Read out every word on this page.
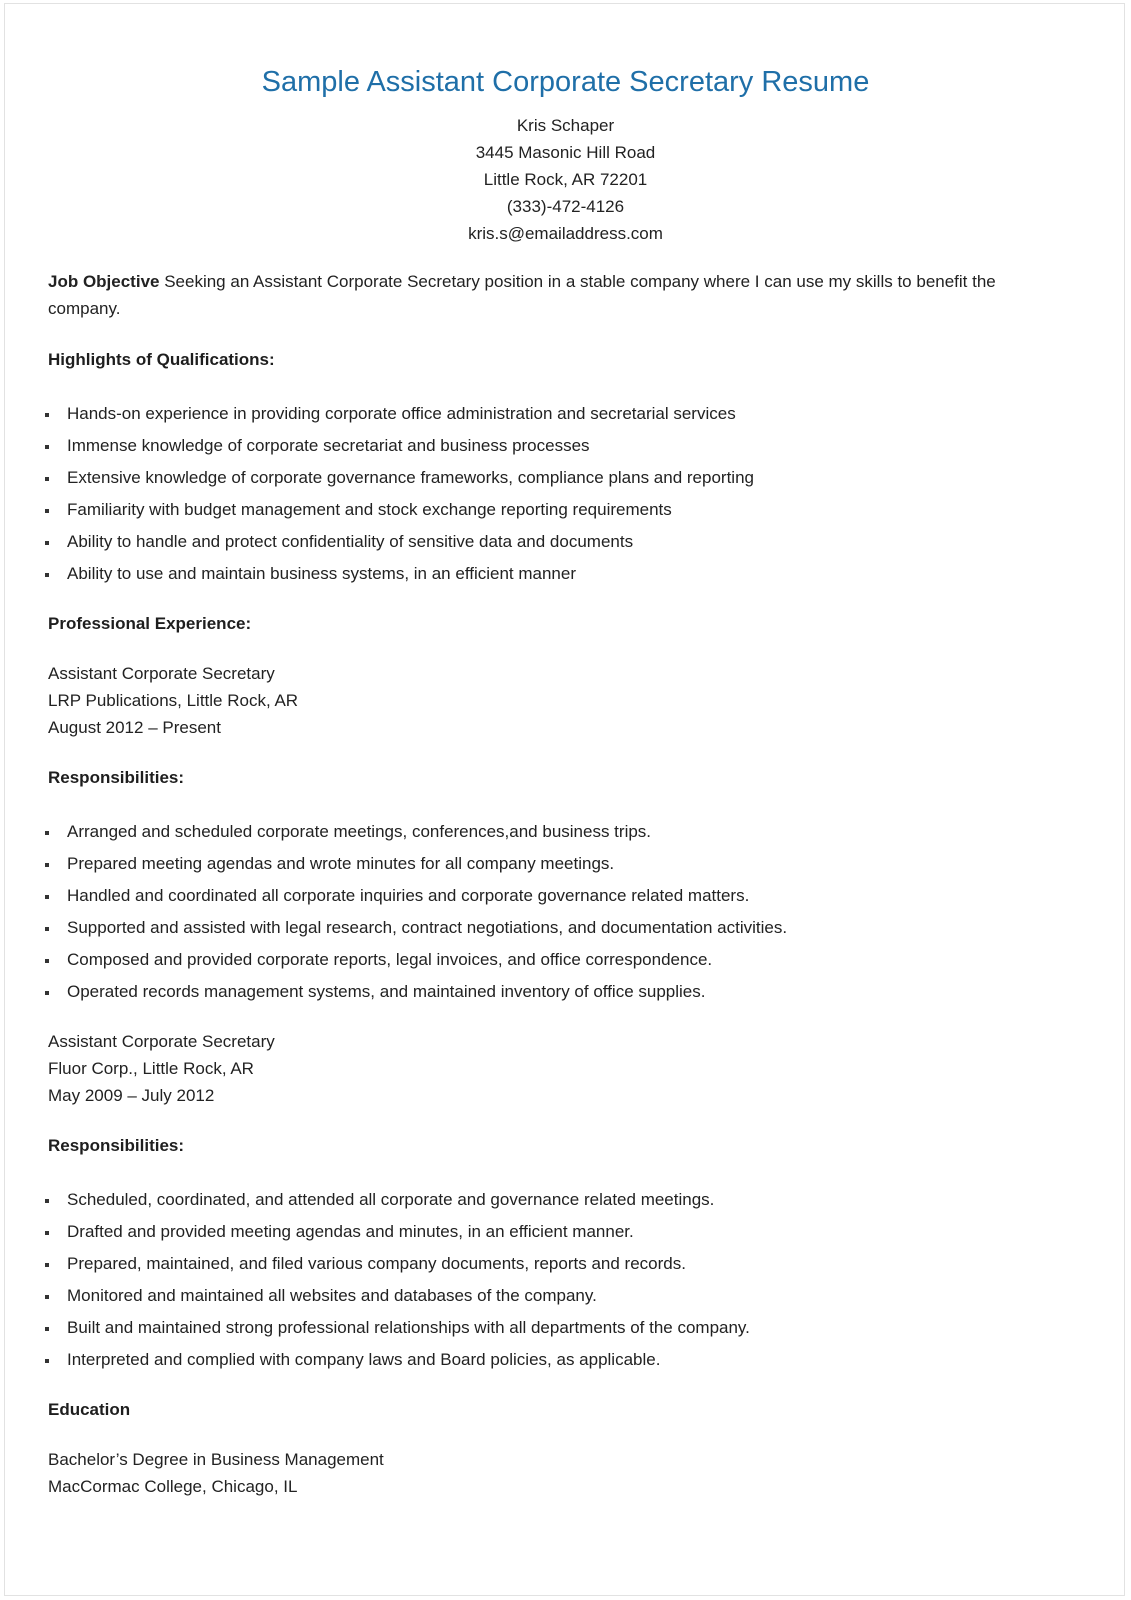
Sample Assistant Corporate Secretary Resume
Kris Schaper
3445 Masonic Hill Road
Little Rock, AR 72201
(333)-472-4126
kris.s@emailaddress.com
Job Objective Seeking an Assistant Corporate Secretary position in a stable company where I can use my skills to benefit the company.
Highlights of Qualifications:
Hands-on experience in providing corporate office administration and secretarial services
Immense knowledge of corporate secretariat and business processes
Extensive knowledge of corporate governance frameworks, compliance plans and reporting
Familiarity with budget management and stock exchange reporting requirements
Ability to handle and protect confidentiality of sensitive data and documents
Ability to use and maintain business systems, in an efficient manner
Professional Experience:
Assistant Corporate Secretary
LRP Publications, Little Rock, AR
August 2012 – Present
Responsibilities:
Arranged and scheduled corporate meetings, conferences,and business trips.
Prepared meeting agendas and wrote minutes for all company meetings.
Handled and coordinated all corporate inquiries and corporate governance related matters.
Supported and assisted with legal research, contract negotiations, and documentation activities.
Composed and provided corporate reports, legal invoices, and office correspondence.
Operated records management systems, and maintained inventory of office supplies.
Assistant Corporate Secretary
Fluor Corp., Little Rock, AR
May 2009 – July 2012
Responsibilities:
Scheduled, coordinated, and attended all corporate and governance related meetings.
Drafted and provided meeting agendas and minutes, in an efficient manner.
Prepared, maintained, and filed various company documents, reports and records.
Monitored and maintained all websites and databases of the company.
Built and maintained strong professional relationships with all departments of the company.
Interpreted and complied with company laws and Board policies, as applicable.
Education
Bachelor’s Degree in Business Management
MacCormac College, Chicago, IL
